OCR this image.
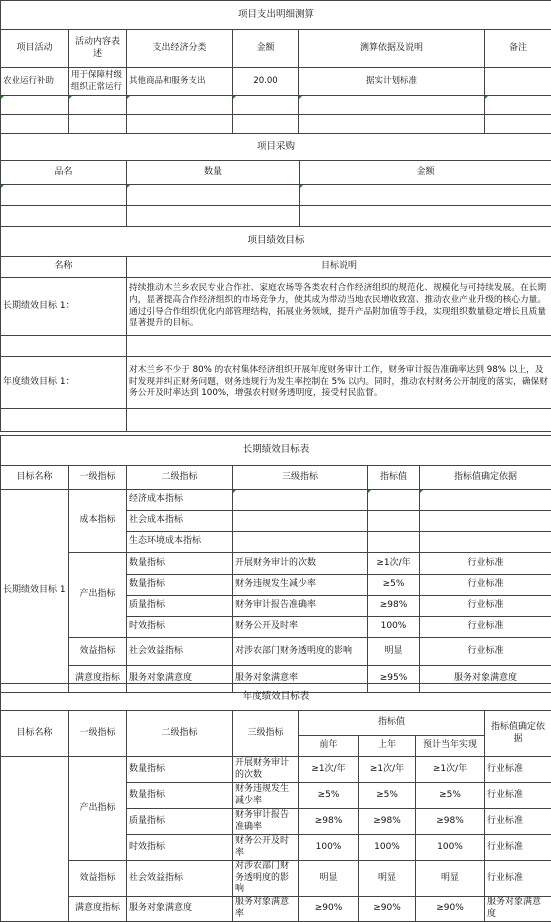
项目支出明细测算					
项目活动	活动内容表述	支出经济分类	金额	测算依据及说明	备注
农业运行补助	用于保障村级组织正常运行	其他商品和服务支出	20.00	据实计划标准	

项目采购		
品名	数量	金额

项目绩效目标	
名称	目标说明
长期绩效目标 1：	持续推动木兰乡农民专业合作社、家庭农场等各类农村合作经济组织的规范化、规模化与可持续发展。在长期内，显著提高合作经济组织的市场竞争力，使其成为带动当地农民增收致富、推动农业产业升级的核心力量。通过引导合作组织优化内部管理结构，拓展业务领域，提升产品附加值等手段，实现组织数量稳定增长且质量显著提升的目标。

年度绩效目标 1：	对木兰乡不少于 80% 的农村集体经济组织开展年度财务审计工作，财务审计报告准确率达到 98% 以上，及时发现并纠正财务问题，财务违规行为发生率控制在 5% 以内。同时，推动农村财务公开制度的落实，确保财务公开及时率达到 100%，增强农村财务透明度，接受村民监督。

长期绩效目标表					
目标名称	一级指标	二级指标	三级指标	指标值	指标值确定依据
长期绩效目标 1	成本指标	经济成本指标			
		社会成本指标			
		生态环境成本指标			
	产出指标	数量指标	开展财务审计的次数	≥1次/年	行业标准
		数量指标	财务违规发生减少率	≥5%	行业标准
		质量指标	财务审计报告准确率	≥98%	行业标准
		时效指标	财务公开及时率	100%	行业标准
	效益指标	社会效益指标	对涉农部门财务透明度的影响	明显	行业标准
	满意度指标	服务对象满意度	服务对象满意率	≥95%	服务对象满意度
年度绩效目标表							
目标名称	一级指标	二级指标	三级指标	指标值			指标值确定依据
				前年	上年	预计当年实现	
	产出指标	数量指标	开展财务审计的次数	≥1次/年	≥1次/年	≥1次/年	行业标准
		数量指标	财务违规发生减少率	≥5%	≥5%	≥5%	行业标准
		质量指标	财务审计报告准确率	≥98%	≥98%	≥98%	行业标准
		时效指标	财务公开及时率	100%	100%	100%	行业标准
	效益指标	社会效益指标	对涉农部门财务透明度的影响	明显	明显	明显	行业标准
	满意度指标	服务对象满意度	服务对象满意率	≥90%	≥90%	≥90%	服务对象满意度
